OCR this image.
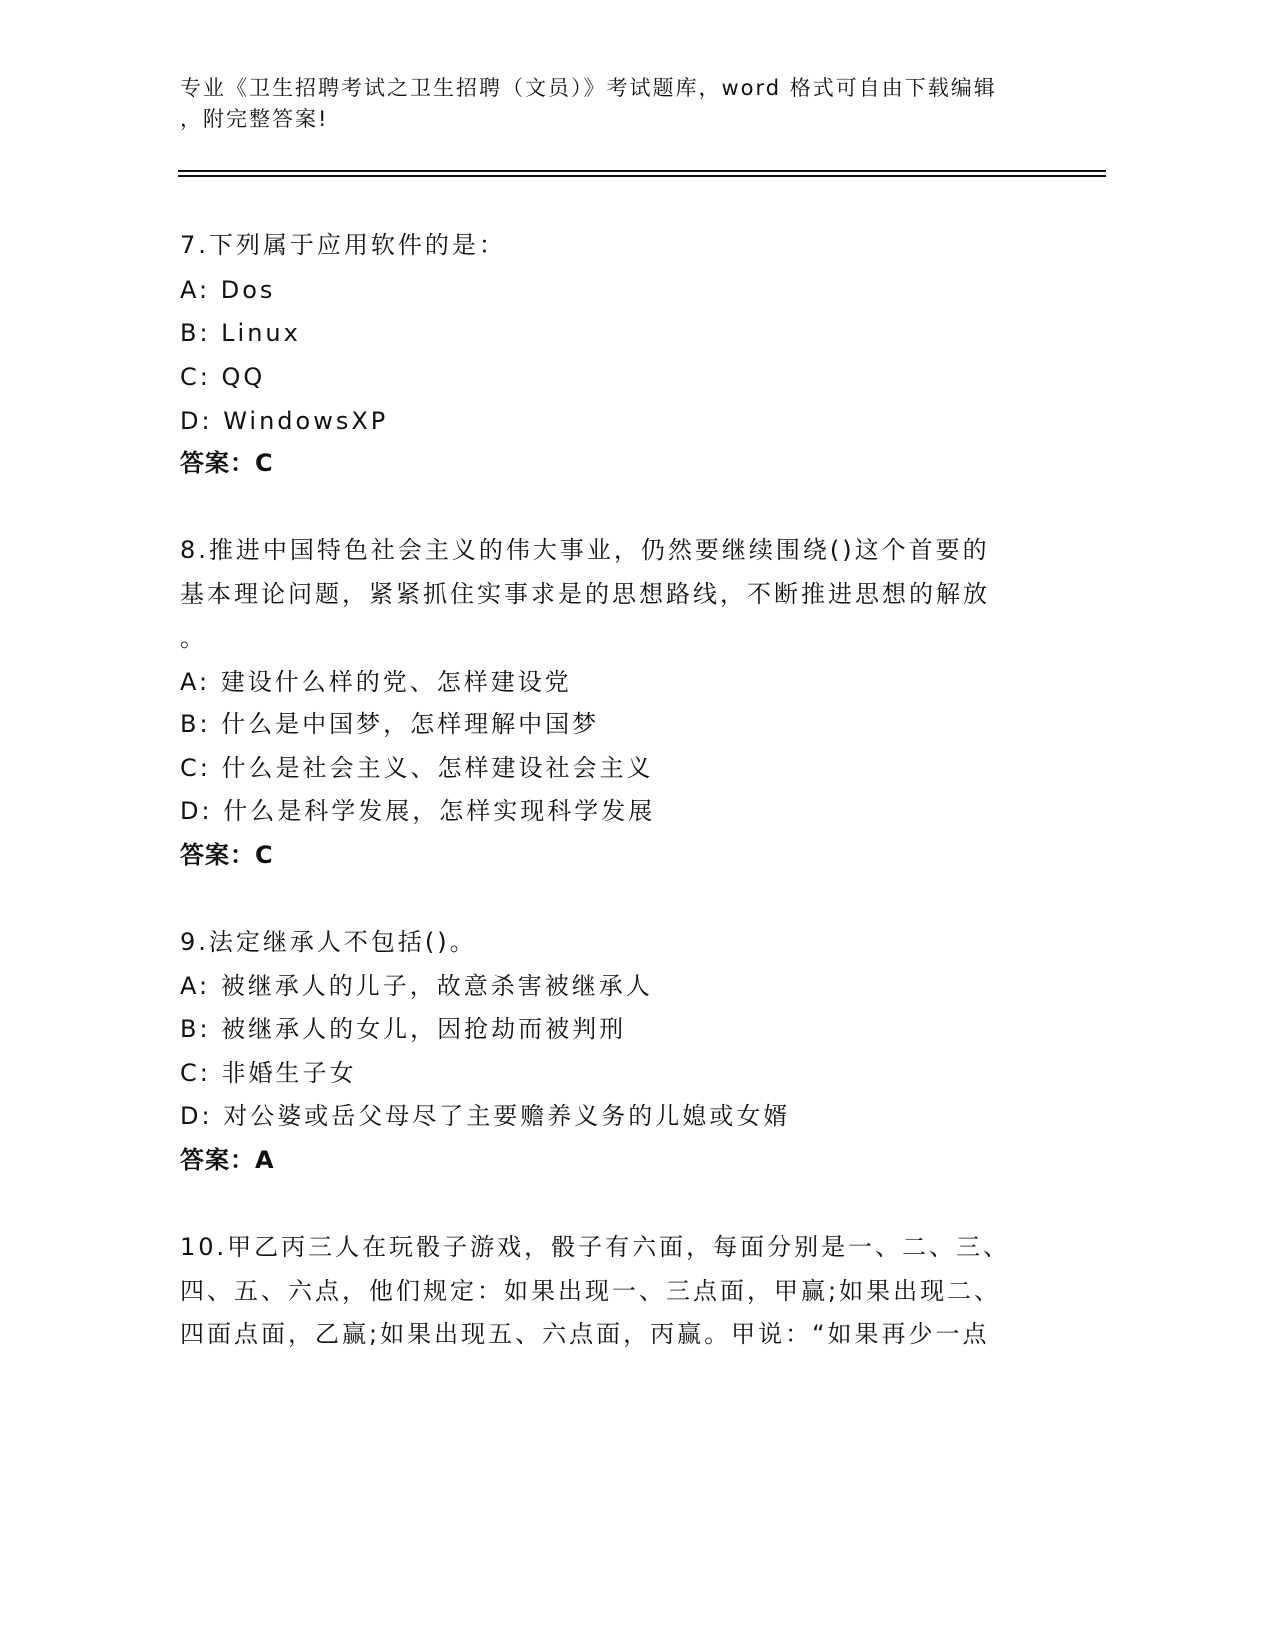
专业《卫生招聘考试之卫生招聘（文员）》考试题库，word 格式可自由下载编辑
，附完整答案!
7.下列属于应用软件的是：
A: Dos
B: Linux
C: QQ
D: WindowsXP
答案：C
8.推进中国特色社会主义的伟大事业，仍然要继续围绕()这个首要的
基本理论问题，紧紧抓住实事求是的思想路线，不断推进思想的解放
。
A: 建设什么样的党、怎样建设党
B: 什么是中国梦，怎样理解中国梦
C: 什么是社会主义、怎样建设社会主义
D: 什么是科学发展，怎样实现科学发展
答案：C
9.法定继承人不包括()。
A: 被继承人的儿子，故意杀害被继承人
B: 被继承人的女儿，因抢劫而被判刑
C: 非婚生子女
D: 对公婆或岳父母尽了主要赡养义务的儿媳或女婿
答案：A
10.甲乙丙三人在玩骰子游戏，骰子有六面，每面分别是一、二、三、
四、五、六点，他们规定：如果出现一、三点面，甲赢;如果出现二、
四面点面，乙赢;如果出现五、六点面，丙赢。甲说：“如果再少一点
